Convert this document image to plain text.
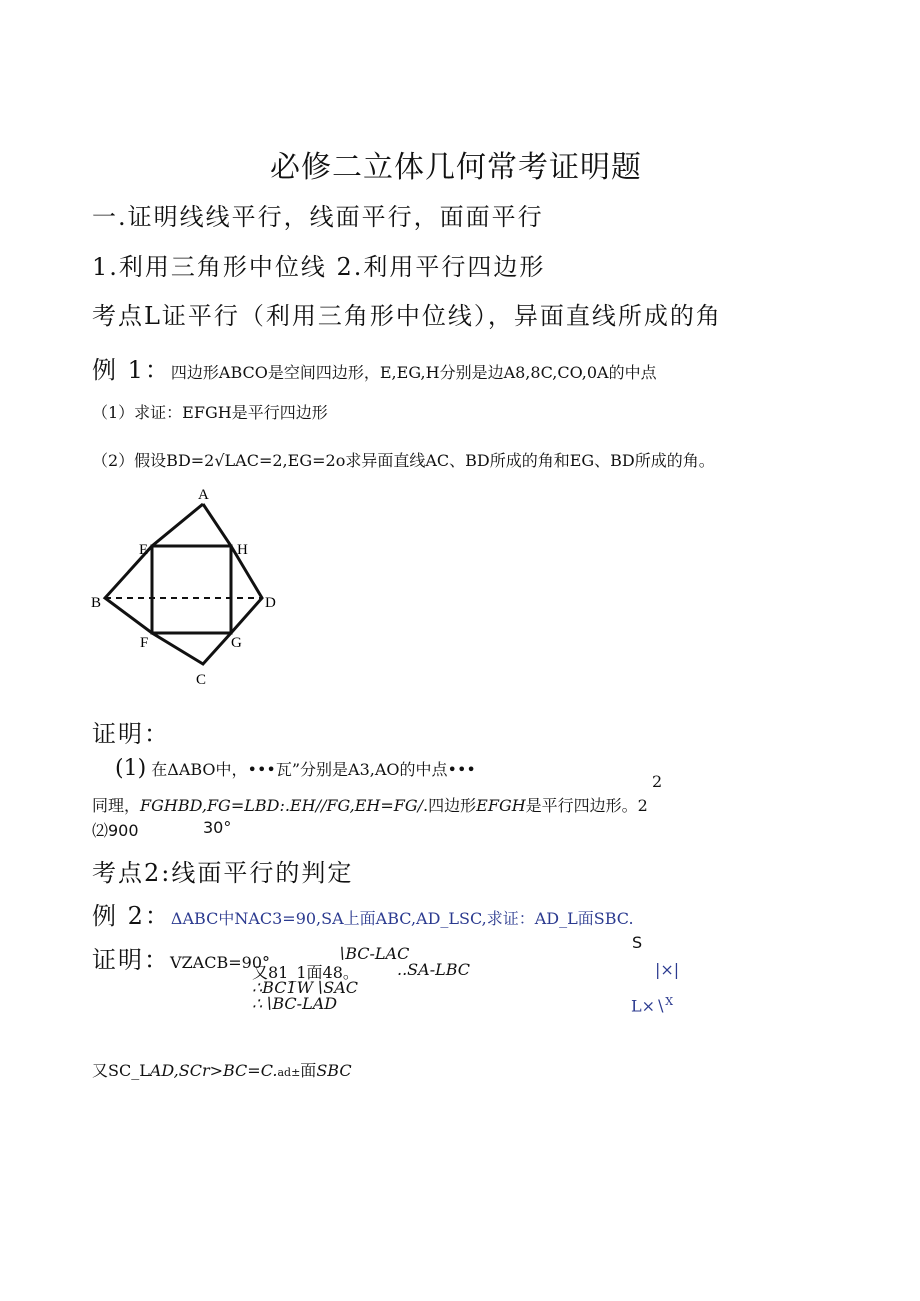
必修二立体几何常考证明题
一.证明线线平行，线面平行，面面平行
1.利用三角形中位线 2.利用平行四边形
考点L证平行（利用三角形中位线），异面直线所成的角
例 1：四边形ABCO是空间四边形，E,EG,H分别是边A8,8C,CO,0A的中点
（1）求证：EFGH是平行四边形
（2）假设BD=2√LAC=2,EG=2o求异面直线AC、BD所成的角和EG、BD所成的角。
A
E	H
B	D
F	G
C
证明：
(1) 在ΔABO中，•••瓦”分别是A3,AO的中点•••
2
同理，FGHBD,FG=LBD:.EH//FG,EH=FG/.四边形EFGH是平行四边形。2
⑵900	30°
考点2:线面平行的判定
例 2：ΔABC中NAC3=90,SA上面ABC,AD_LSC,求证：AD_L面SBC.
证明：VZACB=90°	∖BC-LAC
又81_1面48。 ..SA-LBC
∴BC1W∖SAC
∴∖BC-LAD
S
|×|
L×∖$^X$
又SC_LAD,SCr>BC=C.ad±面SBC
